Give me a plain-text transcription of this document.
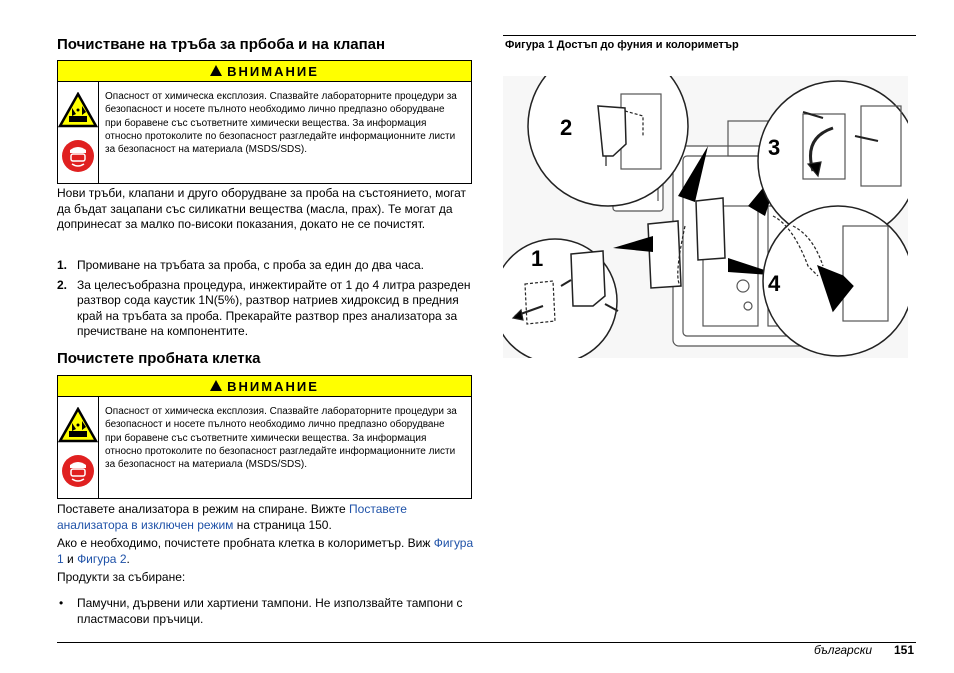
Почистване на тръба за прбоба и на клапан
ВНИМАНИЕ
Опасност от химическа експлозия. Спазвайте лабораторните процедури за безопасност и носете пълното необходимо лично предпазно оборудване при боравене със съответните химически вещества. За информация относно протоколите по безопасност разгледайте информационните листи за безопасност на материала (MSDS/SDS).
Нови тръби, клапани и друго оборудване за проба на състоянието, могат да бъдат зацапани със силикатни вещества (масла, прах). Те могат да допринесат за малко по-високи показания, докато не се почистят.
1. Промиване на тръбата за проба, с проба за един до два часа.
2. За целесъобразна процедура, инжектирайте от 1 до 4 литра разреден разтвор сода каустик 1N(5%), разтвор натриев хидроксид в предния край на тръбата за проба. Прекарайте разтвор през анализатора за пречистване на компонентите.
Почистете пробната клетка
ВНИМАНИЕ
Опасност от химическа експлозия. Спазвайте лабораторните процедури за безопасност и носете пълното необходимо лично предпазно оборудване при боравене със съответните химически вещества. За информация относно протоколите по безопасност разгледайте информационните листи за безопасност на материала (MSDS/SDS).
Поставете анализатора в режим на спиране. Вижте Поставете анализатора в изключен режим на страница 150.
Ако е необходимо, почистете пробната клетка в колориметър. Виж Фигура 1 и Фигура 2.
Продукти за събиране:
• Памучни, дървени или хартиени тампони. Не използвайте тампони с пластмасови пръчици.
Фигура 1 Достъп до фуния и колориметър
2
3
1
4
български 151
